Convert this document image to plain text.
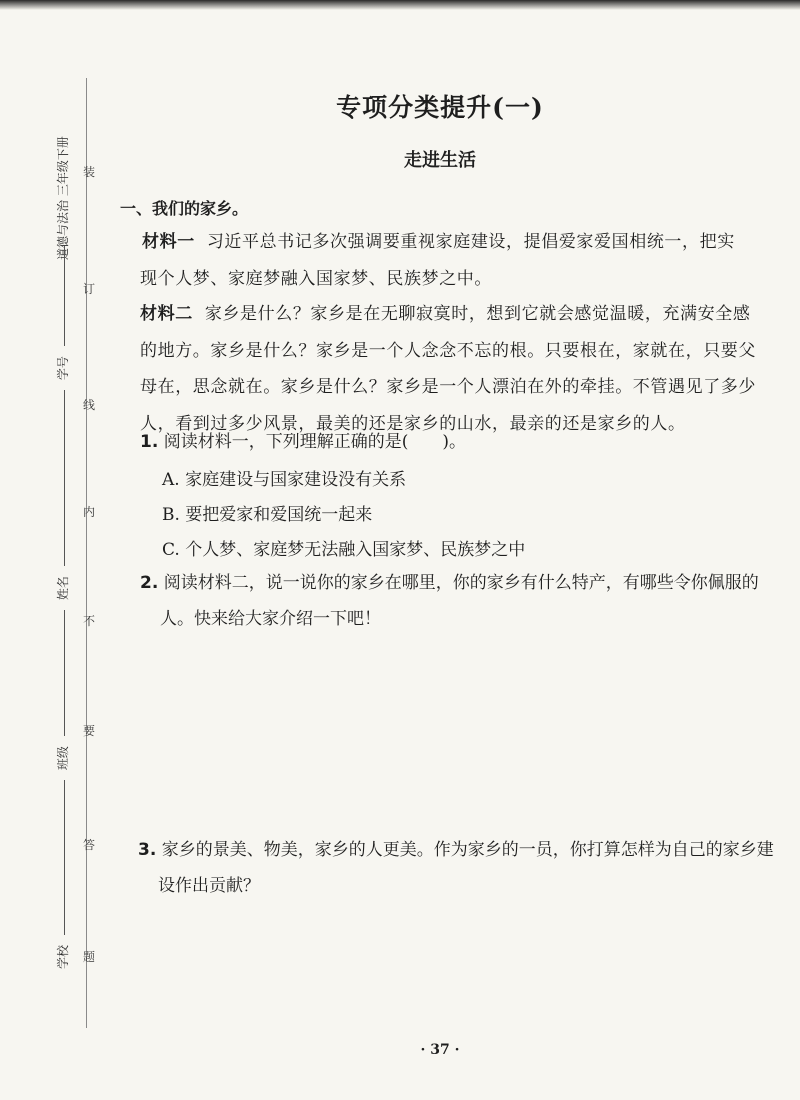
道德与法治 三年级下册
学号
姓名
班级
学校
装
订
线
内
不
要
答
题
专项分类提升(一)
走进生活
一、我们的家乡。
材料一 习近平总书记多次强调要重视家庭建设，提倡爱家爱国相统一，把实现个人梦、家庭梦融入国家梦、民族梦之中。
材料二 家乡是什么？家乡是在无聊寂寞时，想到它就会感觉温暖，充满安全感的地方。家乡是什么？家乡是一个人念念不忘的根。只要根在，家就在，只要父母在，思念就在。家乡是什么？家乡是一个人漂泊在外的牵挂。不管遇见了多少人，看到过多少风景，最美的还是家乡的山水，最亲的还是家乡的人。
1. 阅读材料一，下列理解正确的是(　　)。
A. 家庭建设与国家建设没有关系
B. 要把爱家和爱国统一起来
C. 个人梦、家庭梦无法融入国家梦、民族梦之中
2. 阅读材料二，说一说你的家乡在哪里，你的家乡有什么特产，有哪些令你佩服的人。快来给大家介绍一下吧！
3. 家乡的景美、物美，家乡的人更美。作为家乡的一员，你打算怎样为自己的家乡建设作出贡献？
· 37 ·
